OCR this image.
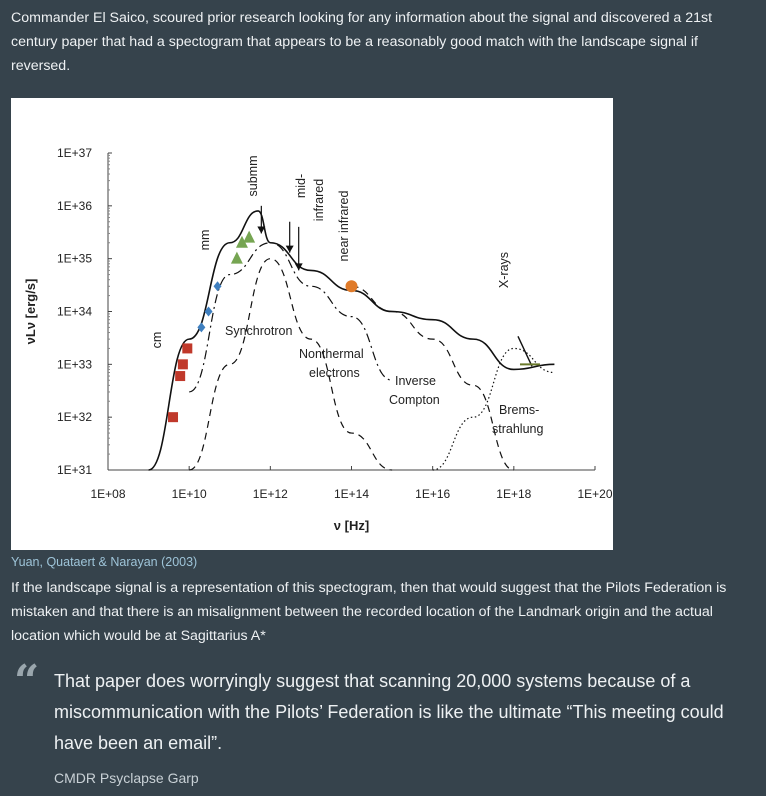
Commander El Saico, scoured prior research looking for any information about the signal and discovered a 21st century paper that had a spectogram that appears to be a reasonably good match with the landscape signal if reversed.
1E+31
1E+32
1E+33
1E+34
1E+35
1E+36
1E+37
1E+08	1E+10	1E+12	1E+14	1E+16	1E+18	1E+20
ν [Hz]
νLν [erg/s]	cm
mm
submm	mid- infrared near infrared
X-rays
Synchrotron
Nonthermal
electrons
Inverse
Compton
Brems-
strahlung
Yuan, Quataert & Narayan (2003)
If the landscape signal is a representation of this spectogram, then that would suggest that the Pilots Federation is mistaken and that there is an misalignment between the recorded location of the Landmark origin and the actual location which would be at Sagittarius A*
“ That paper does worryingly suggest that scanning 20,000 systems because of a miscommunication with the Pilots’ Federation is like the ultimate “This meeting could have been an email”.
CMDR Psyclapse Garp
